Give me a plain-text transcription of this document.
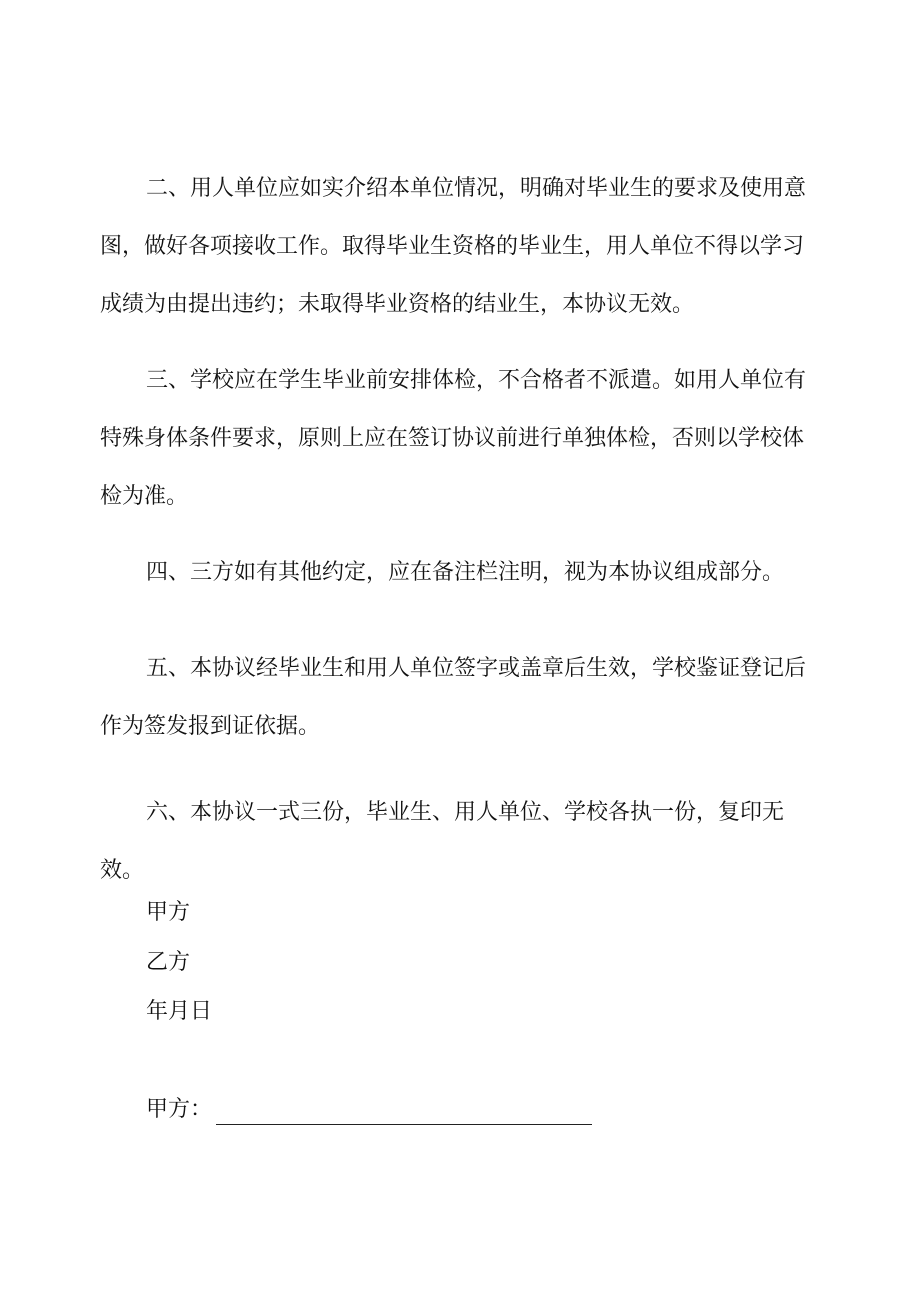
二、用人单位应如实介绍本单位情况，明确对毕业生的要求及使用意图，做好各项接收工作。取得毕业生资格的毕业生，用人单位不得以学习成绩为由提出违约；未取得毕业资格的结业生，本协议无效。

三、学校应在学生毕业前安排体检，不合格者不派遣。如用人单位有特殊身体条件要求，原则上应在签订协议前进行单独体检，否则以学校体检为准。

四、三方如有其他约定，应在备注栏注明，视为本协议组成部分。

五、本协议经毕业生和用人单位签字或盖章后生效，学校鉴证登记后作为签发报到证依据。

六、本协议一式三份，毕业生、用人单位、学校各执一份，复印无效。

甲方

乙方

年月日

甲方：
